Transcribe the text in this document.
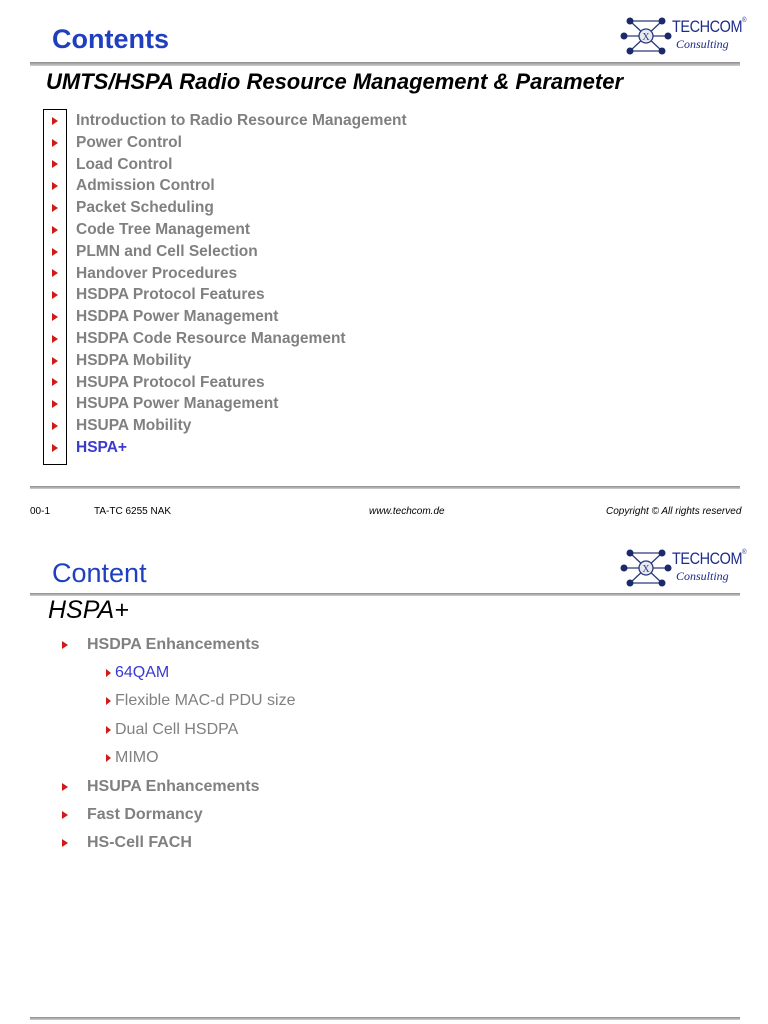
Contents	X
TECHCOM®
Consulting
UMTS/HSPA Radio Resource Management & Parameter
Introduction to Radio Resource Management
Power Control
Load Control
Admission Control
Packet Scheduling
Code Tree Management
PLMN and Cell Selection
Handover Procedures
HSDPA Protocol Features
HSDPA Power Management
HSDPA Code Resource Management
HSDPA Mobility
HSUPA Protocol Features
HSUPA Power Management
HSUPA Mobility
HSPA+
00-1	TA-TC 6255 NAK	www.techcom.de	Copyright © All rights reserved
Content	X
TECHCOM®
Consulting
HSPA+
HSDPA Enhancements
64QAM
Flexible MAC-d PDU size
Dual Cell HSDPA
MIMO
HSUPA Enhancements
Fast Dormancy
HS-Cell FACH
